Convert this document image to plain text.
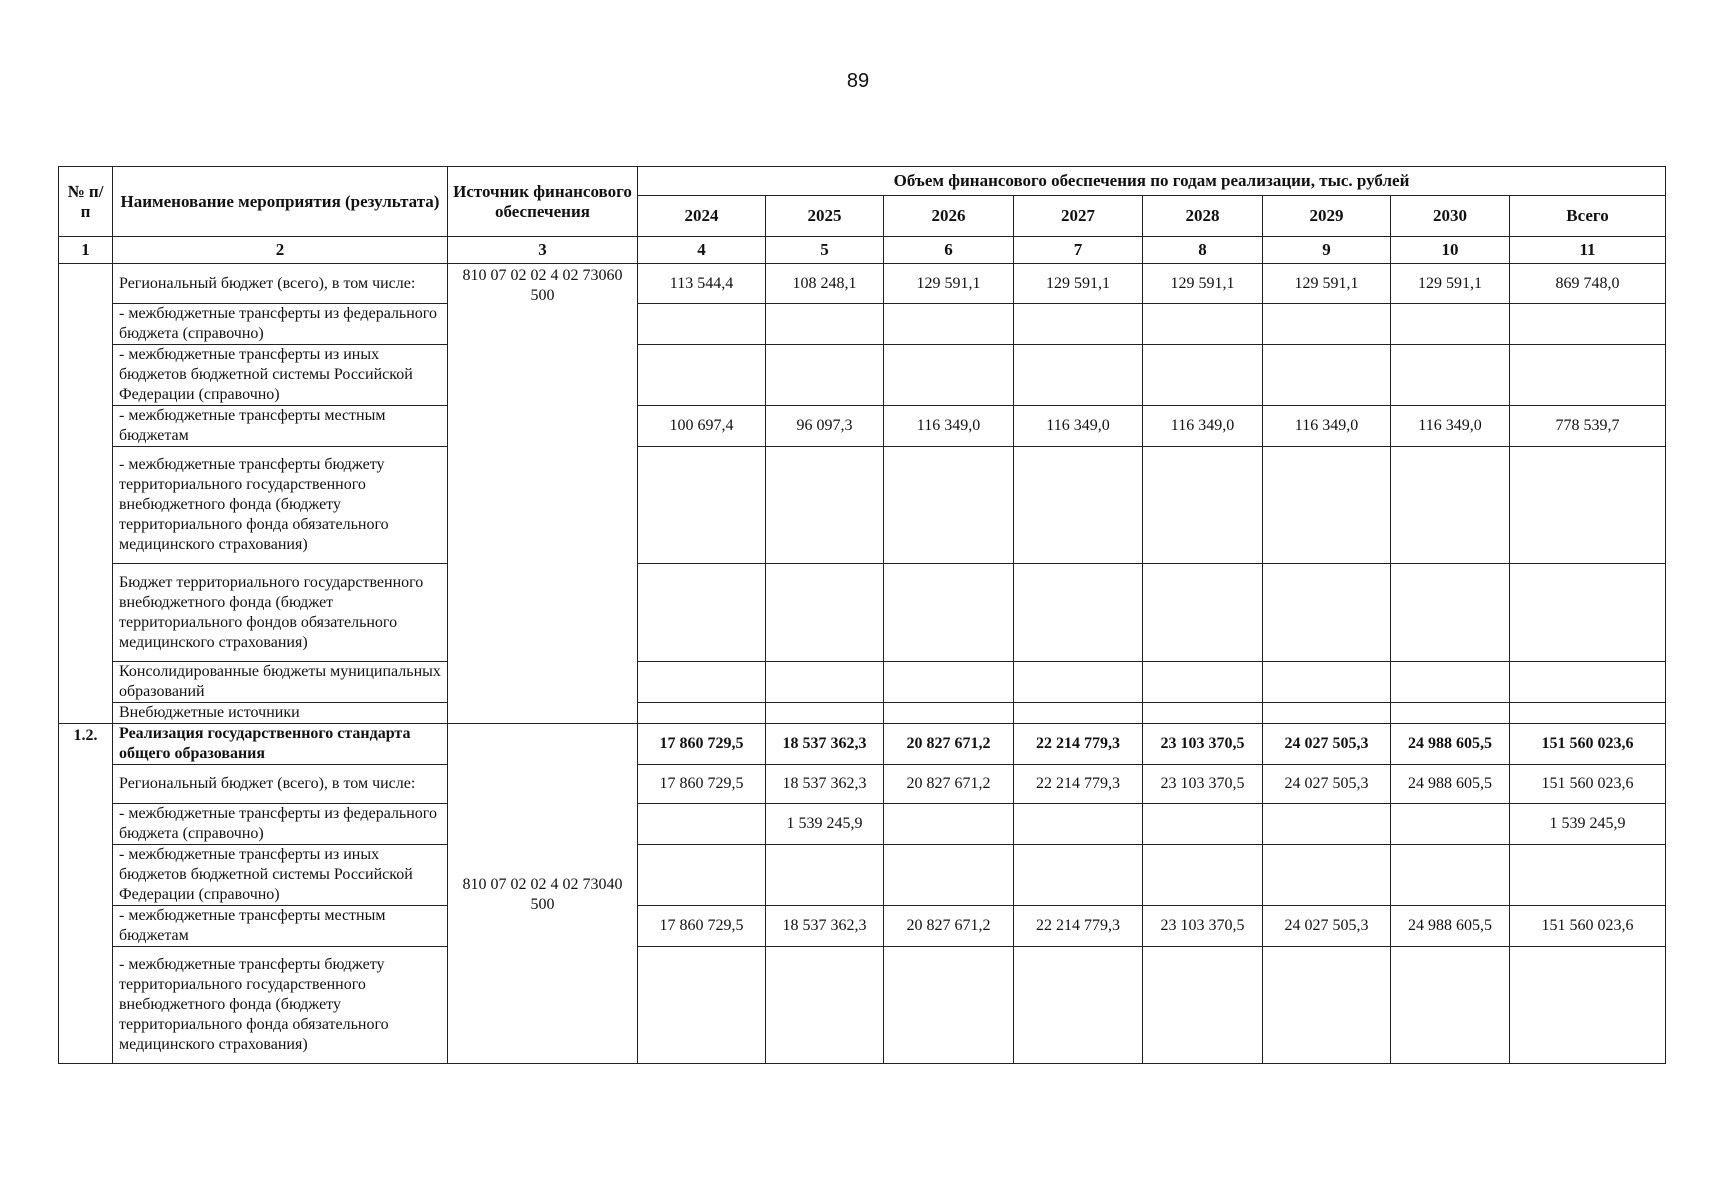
89
№ п/п	Наименование мероприятия (результата)	Источник финансового обеспечения	Объем финансового обеспечения по годам реализации, тыс. рублей							
			2024	2025	2026	2027	2028	2029	2030	Всего
1	2	3	4	5	6	7	8	9	10	11
	Региональный бюджет (всего), в том числе:	810 07 02 02 4 02 73060 500	113 544,4	108 248,1	129 591,1	129 591,1	129 591,1	129 591,1	129 591,1	869 748,0
	- межбюджетные трансферты из федерального бюджета (справочно)									
	- межбюджетные трансферты из иных бюджетов бюджетной системы Российской Федерации (справочно)									
	- межбюджетные трансферты местным бюджетам		100 697,4	96 097,3	116 349,0	116 349,0	116 349,0	116 349,0	116 349,0	778 539,7
	- межбюджетные трансферты бюджету территориального государственного внебюджетного фонда (бюджету территориального фонда обязательного медицинского страхования)									
	Бюджет территориального государственного внебюджетного фонда (бюджет территориального фондов обязательного медицинского страхования)									
	Консолидированные бюджеты муниципальных образований									
	Внебюджетные источники									
1.2.	Реализация государственного стандарта общего образования	810 07 02 02 4 02 73040 500	17 860 729,5	18 537 362,3	20 827 671,2	22 214 779,3	23 103 370,5	24 027 505,3	24 988 605,5	151 560 023,6
	Региональный бюджет (всего), в том числе:		17 860 729,5	18 537 362,3	20 827 671,2	22 214 779,3	23 103 370,5	24 027 505,3	24 988 605,5	151 560 023,6
	- межбюджетные трансферты из федерального бюджета (справочно)			1 539 245,9						1 539 245,9
	- межбюджетные трансферты из иных бюджетов бюджетной системы Российской Федерации (справочно)									
	- межбюджетные трансферты местным бюджетам		17 860 729,5	18 537 362,3	20 827 671,2	22 214 779,3	23 103 370,5	24 027 505,3	24 988 605,5	151 560 023,6
	- межбюджетные трансферты бюджету территориального государственного внебюджетного фонда (бюджету территориального фонда обязательного медицинского страхования)									
